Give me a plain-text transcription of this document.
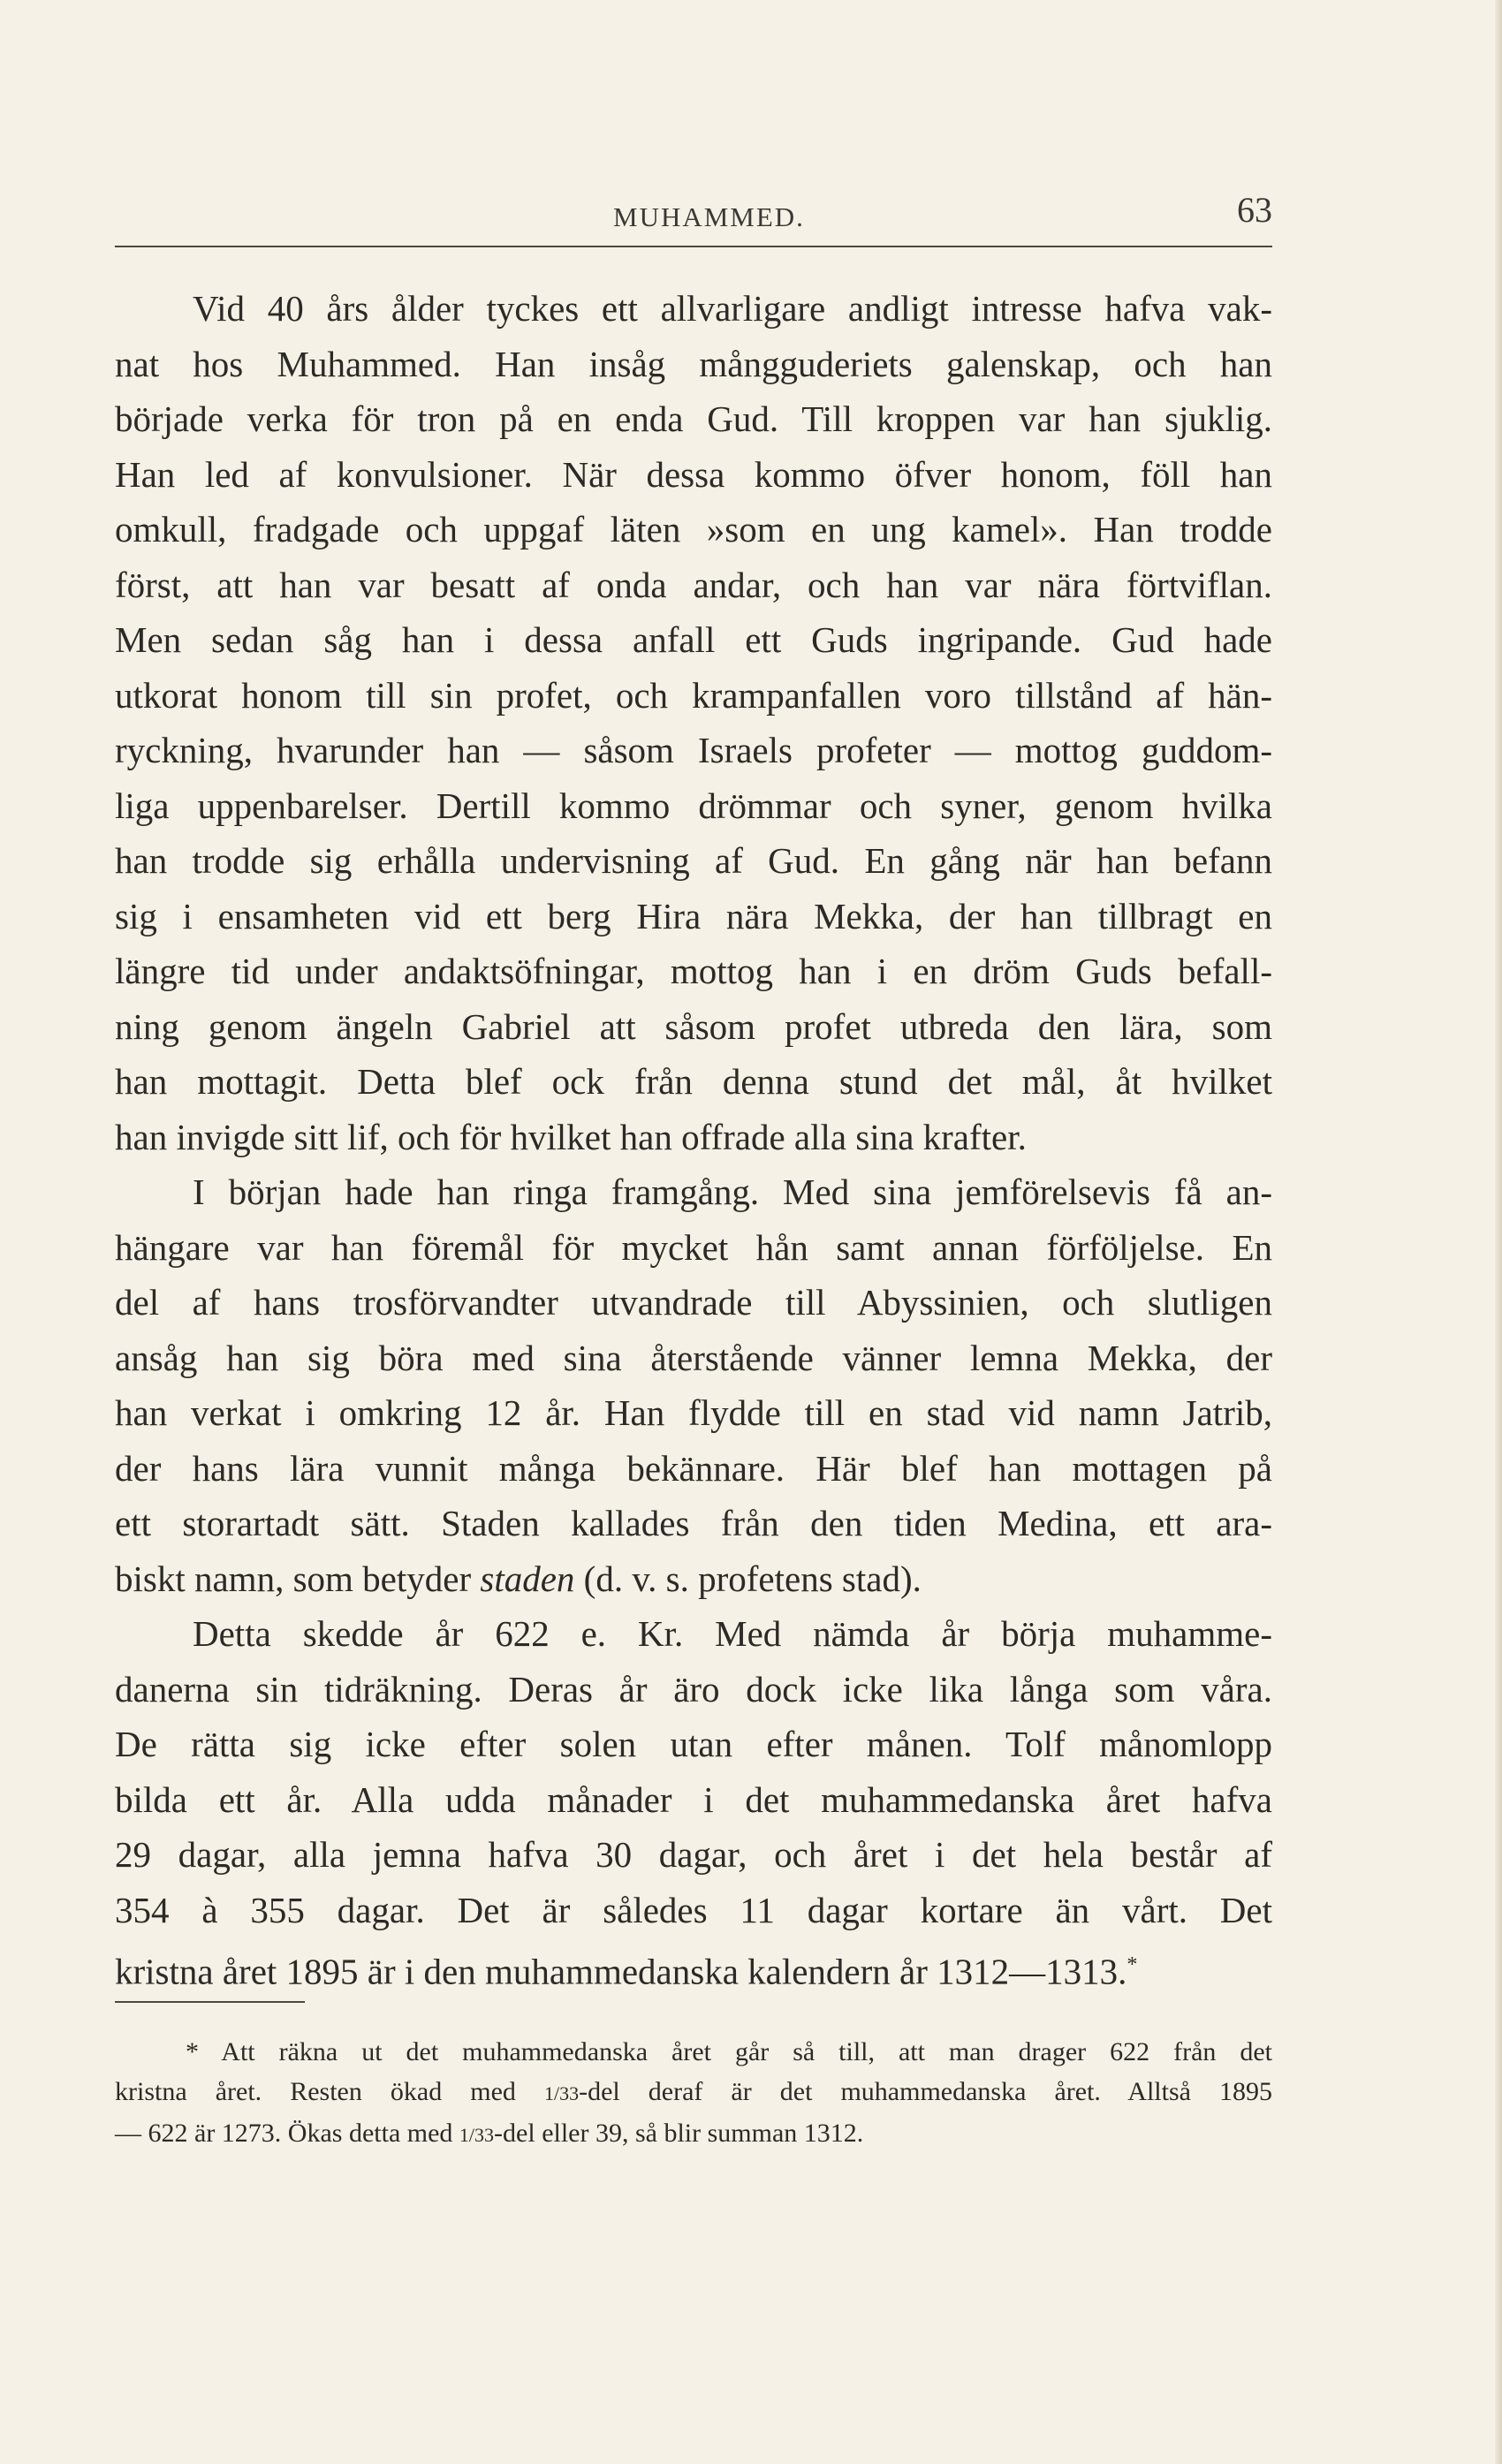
MUHAMMED.	63
Vid 40 års ålder tyckes ett allvarligare andligt intresse hafva vak-
nat hos Muhammed. Han insåg mångguderiets galenskap, och han
började verka för tron på en enda Gud. Till kroppen var han sjuklig.
Han led af konvulsioner. När dessa kommo öfver honom, föll han
omkull, fradgade och uppgaf läten »som en ung kamel». Han trodde
först, att han var besatt af onda andar, och han var nära förtviflan.
Men sedan såg han i dessa anfall ett Guds ingripande. Gud hade
utkorat honom till sin profet, och krampanfallen voro tillstånd af hän-
ryckning, hvarunder han — såsom Israels profeter — mottog guddom-
liga uppenbarelser. Dertill kommo drömmar och syner, genom hvilka
han trodde sig erhålla undervisning af Gud. En gång när han befann
sig i ensamheten vid ett berg Hira nära Mekka, der han tillbragt en
längre tid under andaktsöfningar, mottog han i en dröm Guds befall-
ning genom ängeln Gabriel att såsom profet utbreda den lära, som
han mottagit. Detta blef ock från denna stund det mål, åt hvilket
han invigde sitt lif, och för hvilket han offrade alla sina krafter.
I början hade han ringa framgång. Med sina jemförelsevis få an-
hängare var han föremål för mycket hån samt annan förföljelse. En
del af hans trosförvandter utvandrade till Abyssinien, och slutligen
ansåg han sig böra med sina återstående vänner lemna Mekka, der
han verkat i omkring 12 år. Han flydde till en stad vid namn Jatrib,
der hans lära vunnit många bekännare. Här blef han mottagen på
ett storartadt sätt. Staden kallades från den tiden Medina, ett ara-
biskt namn, som betyder staden (d. v. s. profetens stad).
Detta skedde år 622 e. Kr. Med nämda år börja muhamme-
danerna sin tidräkning. Deras år äro dock icke lika långa som våra.
De rätta sig icke efter solen utan efter månen. Tolf månomlopp
bilda ett år. Alla udda månader i det muhammedanska året hafva
29 dagar, alla jemna hafva 30 dagar, och året i det hela består af
354 à 355 dagar. Det är således 11 dagar kortare än vårt. Det
kristna året 1895 är i den muhammedanska kalendern år 1312—1313.*
* Att räkna ut det muhammedanska året går så till, att man drager 622 från det
kristna året. Resten ökad med 1/33-del deraf är det muhammedanska året. Alltså 1895
— 622 är 1273. Ökas detta med 1/33-del eller 39, så blir summan 1312.
